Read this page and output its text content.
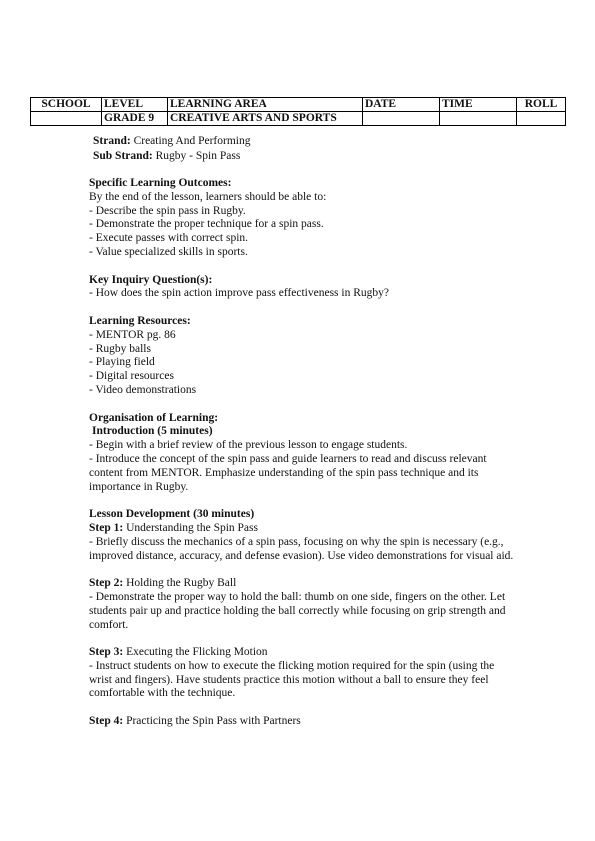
SCHOOL	LEVEL	LEARNING AREA	DATE	TIME	ROLL
	GRADE 9	CREATIVE ARTS AND SPORTS			

Strand: Creating And Performing

Sub Strand: Rugby - Spin Pass

Specific Learning Outcomes:

By the end of the lesson, learners should be able to:

- Describe the spin pass in Rugby.

- Demonstrate the proper technique for a spin pass.

- Execute passes with correct spin.

- Value specialized skills in sports.

Key Inquiry Question(s):

- How does the spin action improve pass effectiveness in Rugby?

Learning Resources:

- MENTOR pg. 86

- Rugby balls

- Playing field

- Digital resources

- Video demonstrations

Organisation of Learning:

Introduction (5 minutes)

- Begin with a brief review of the previous lesson to engage students.

- Introduce the concept of the spin pass and guide learners to read and discuss relevant content from MENTOR. Emphasize understanding of the spin pass technique and its importance in Rugby.

Lesson Development (30 minutes)

Step 1: Understanding the Spin Pass

- Briefly discuss the mechanics of a spin pass, focusing on why the spin is necessary (e.g., improved distance, accuracy, and defense evasion). Use video demonstrations for visual aid.

Step 2: Holding the Rugby Ball

- Demonstrate the proper way to hold the ball: thumb on one side, fingers on the other. Let students pair up and practice holding the ball correctly while focusing on grip strength and comfort.

Step 3: Executing the Flicking Motion

- Instruct students on how to execute the flicking motion required for the spin (using the wrist and fingers). Have students practice this motion without a ball to ensure they feel comfortable with the technique.

Step 4: Practicing the Spin Pass with Partners
